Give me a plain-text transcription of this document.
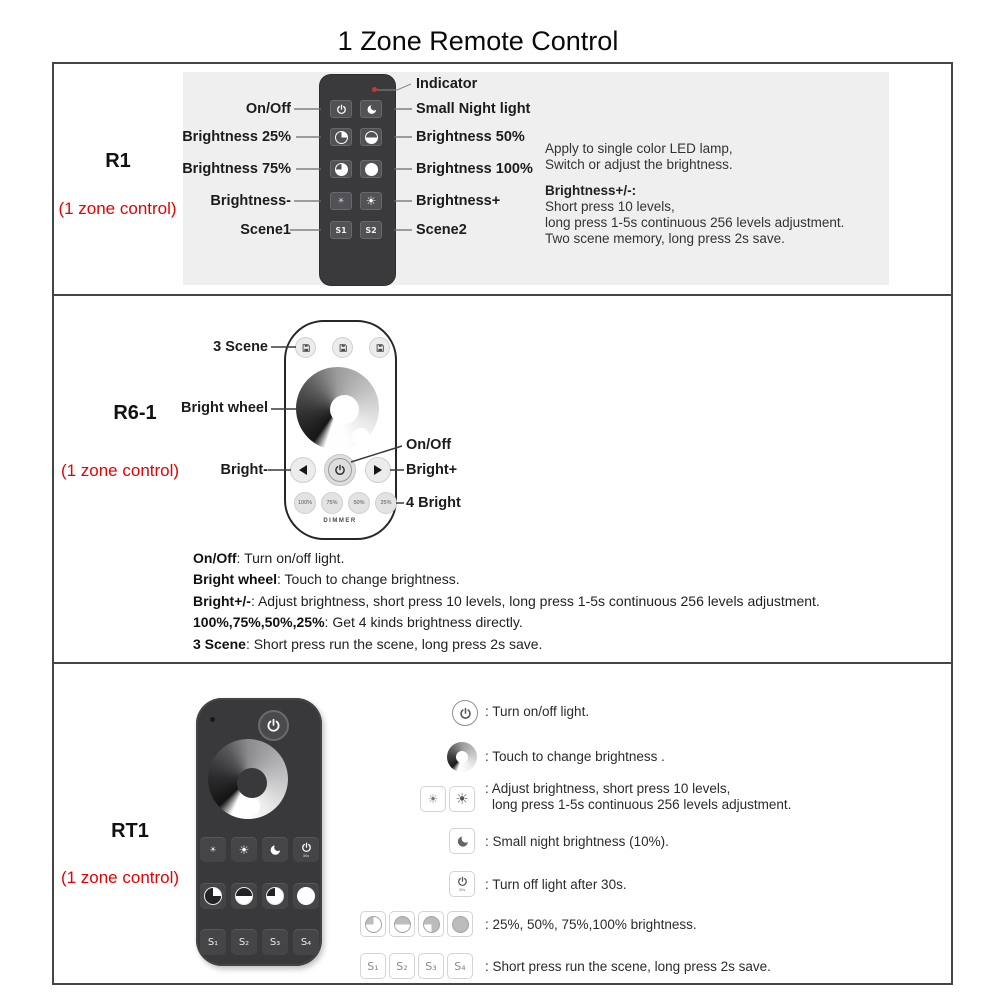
1 Zone Remote Control
R1
(1 zone control)	☀ ☀
S1 S2
On/Off
Brightness 25%
Brightness 75%
Brightness-
Scene1
Indicator
Small Night light
Brightness 50%
Brightness 100%
Brightness+
Scene2
Apply to single color LED lamp,
Switch or adjust the brightness.
Brightness+/-:
Short press 10 levels,
long press 1-5s continuous 256 levels adjustment.
Two scene memory, long press 2s save.
R6-1
(1 zone control)
100%	75%	50%	25%
DIMMER
3 Scene
Bright wheel
Bright-
On/Off
Bright+
4 Bright
On/Off: Turn on/off light.
Bright wheel: Touch to change brightness.
Bright+/-: Adjust brightness, short press 10 levels, long press 1-5s continuous 256 levels adjustment.
100%,75%,50%,25%: Get 4 kinds brightness directly.
3 Scene: Short press run the scene, long press 2s save.
RT1
(1 zone control)
☀ ☀	30s
S₁ S₂ S₃ S₄
: Turn on/off light.
: Touch to change brightness .
☀ ☀
: Adjust brightness, short press 10 levels,
long press 1-5s continuous 256 levels adjustment.
: Small night brightness (10%).
30s : Turn off light after 30s.
: 25%, 50%, 75%,100% brightness.
S₁ S₂ S₃ S₄ : Short press run the scene, long press 2s save.
